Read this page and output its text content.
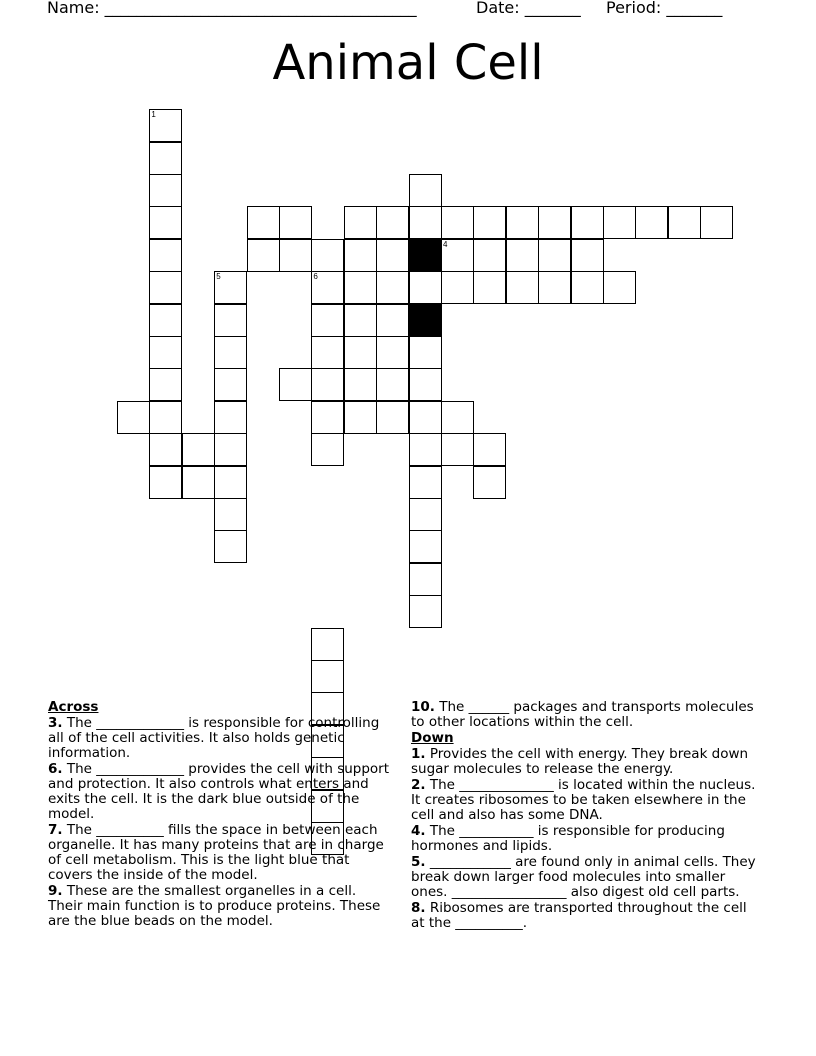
Name: _______________________________________	Date: _______ Period: _______
Animal Cell
1
5
4
6
Across
3. The _____________ is responsible for controlling all of the cell activities. It also holds genetic information.
6. The _____________ provides the cell with support and protection. It also controls what enters and exits the cell. It is the dark blue outside of the model.
7. The __________ fills the space in between each organelle. It has many proteins that are in charge of cell metabolism. This is the light blue that covers the inside of the model.
9. These are the smallest organelles in a cell. Their main function is to produce proteins. These are the blue beads on the model.
10. The ______ packages and transports molecules to other locations within the cell.
Down
1. Provides the cell with energy. They break down sugar molecules to release the energy.
2. The ______________ is located within the nucleus. It creates ribosomes to be taken elsewhere in the cell and also has some DNA.
4. The ___________ is responsible for producing hormones and lipids.
5. ____________ are found only in animal cells. They break down larger food molecules into smaller ones. _________________ also digest old cell parts.
8. Ribosomes are transported throughout the cell at the __________.
